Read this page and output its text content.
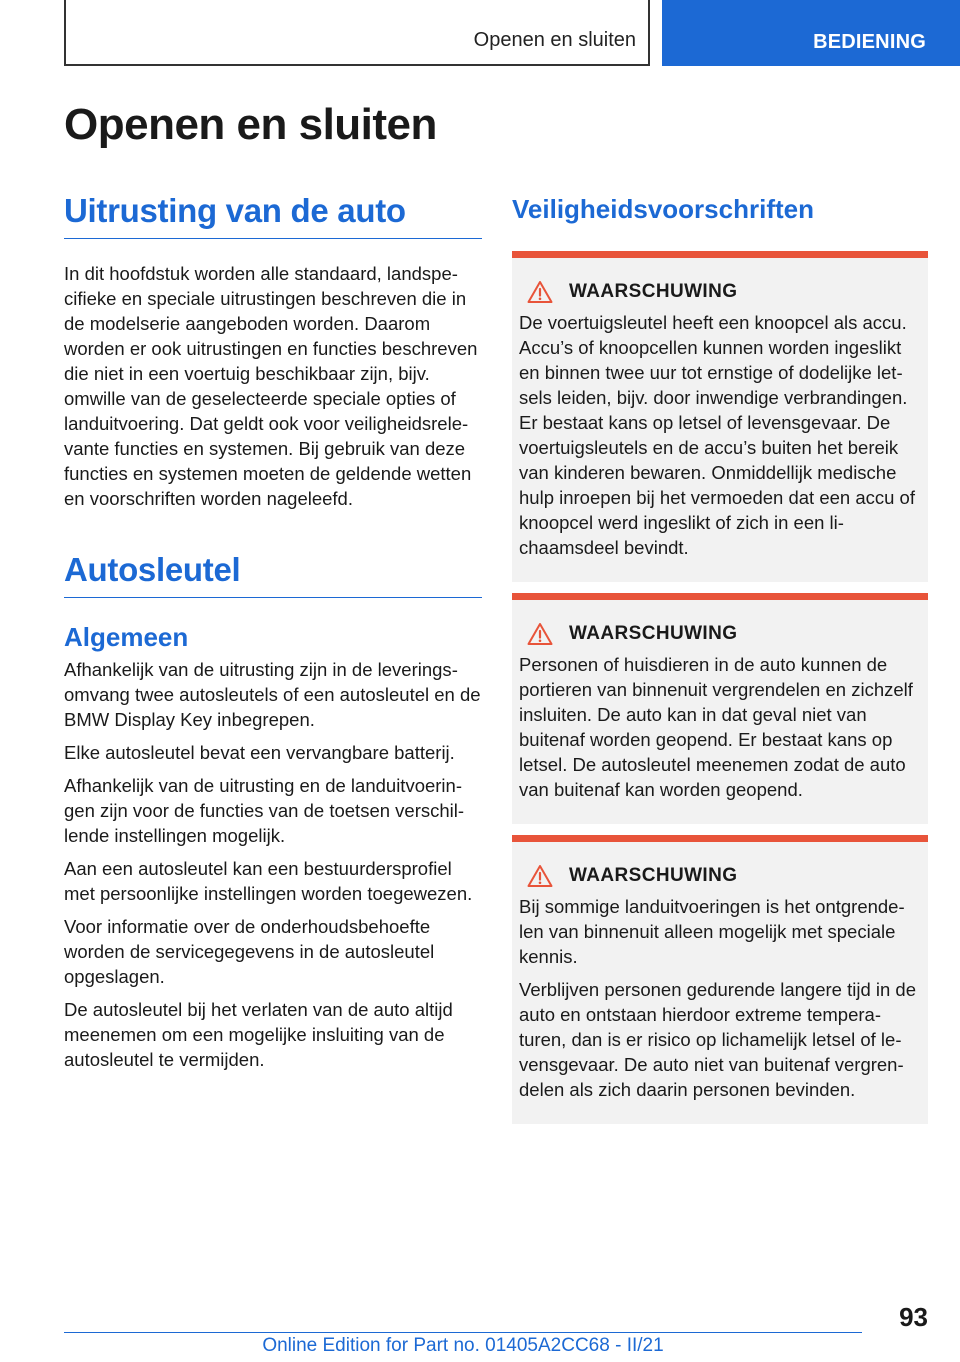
Openen en sluiten	BEDIENING
Openen en sluiten
Uitrusting van de auto

In dit hoofdstuk worden alle standaard, landspecifieke en speciale uitrustingen beschreven die in de modelserie aangeboden worden. Daarom worden er ook uitrustingen en functies beschreven die niet in een voertuig beschikbaar zijn, bijv. omwille van de geselecteerde speciale opties of landuitvoering. Dat geldt ook voor veiligheidsrelevante functies en systemen. Bij gebruik van deze functies en systemen moeten de geldende wetten en voorschriften worden nageleefd.

Autosleutel
Algemeen

Afhankelijk van de uitrusting zijn in de leveringsomvang twee autosleutels of een autosleutel en de BMW Display Key inbegrepen.

Elke autosleutel bevat een vervangbare batterij.

Afhankelijk van de uitrusting en de landuitvoeringen zijn voor de functies van de toetsen verschillende instellingen mogelijk.

Aan een autosleutel kan een bestuurdersprofiel met persoonlijke instellingen worden toegewezen.

Voor informatie over de onderhoudsbehoefte worden de servicegegevens in de autosleutel opgeslagen.

De autosleutel bij het verlaten van de auto altijd meenemen om een mogelijke insluiting van de autosleutel te vermijden.

Veiligheidsvoorschriften
WAARSCHUWING

De voertuigsleutel heeft een knoopcel als accu. Accu’s of knoopcellen kunnen worden ingeslikt en binnen twee uur tot ernstige of dodelijke letsels leiden, bijv. door inwendige verbrandingen. Er bestaat kans op letsel of levensgevaar. De voertuigsleutels en de accu’s buiten het bereik van kinderen bewaren. Onmiddellijk medische hulp inroepen bij het vermoeden dat een accu of knoopcel werd ingeslikt of zich in een lichaamsdeel bevindt.

WAARSCHUWING

Personen of huisdieren in de auto kunnen de portieren van binnenuit vergrendelen en zichzelf insluiten. De auto kan in dat geval niet van buitenaf worden geopend. Er bestaat kans op letsel. De autosleutel meenemen zodat de auto van buitenaf kan worden geopend.

WAARSCHUWING

Bij sommige landuitvoeringen is het ontgrendelen van binnenuit alleen mogelijk met speciale kennis.

Verblijven personen gedurende langere tijd in de auto en ontstaan hierdoor extreme temperaturen, dan is er risico op lichamelijk letsel of levensgevaar. De auto niet van buitenaf vergrendelen als zich daarin personen bevinden.

93
Online Edition for Part no. 01405A2CC68 - II/21
